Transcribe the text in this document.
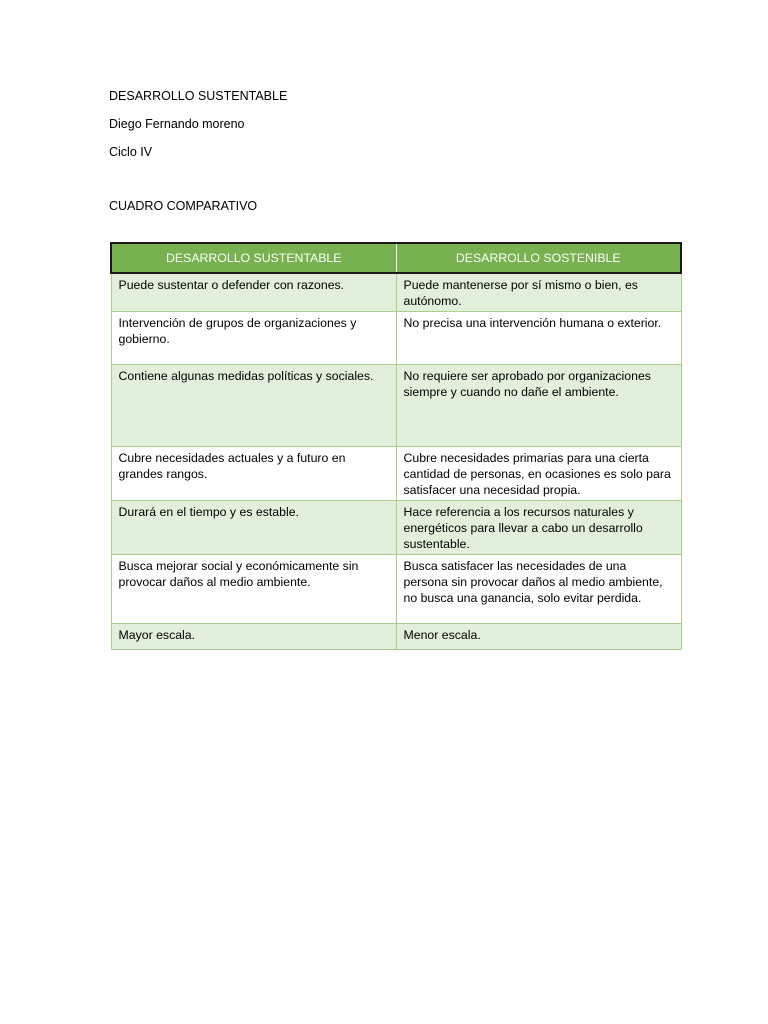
DESARROLLO SUSTENTABLE
Diego Fernando moreno
Ciclo IV
CUADRO COMPARATIVO
DESARROLLO SUSTENTABLE	DESARROLLO SOSTENIBLE
Puede sustentar o defender con razones.	Puede mantenerse por sí mismo o bien, es autónomo.
Intervención de grupos de organizaciones y gobierno.	No precisa una intervención humana o exterior.
Contiene algunas medidas políticas y sociales.	No requiere ser aprobado por organizaciones siempre y cuando no dañe el ambiente.
Cubre necesidades actuales y a futuro en grandes rangos.	Cubre necesidades primarias para una cierta cantidad de personas, en ocasiones es solo para satisfacer una necesidad propia.
Durará en el tiempo y es estable.	Hace referencia a los recursos naturales y energéticos para llevar a cabo un desarrollo sustentable.
Busca mejorar social y económicamente sin provocar daños al medio ambiente.	Busca satisfacer las necesidades de una persona sin provocar daños al medio ambiente, no busca una ganancia, solo evitar perdida.
Mayor escala.	Menor escala.
